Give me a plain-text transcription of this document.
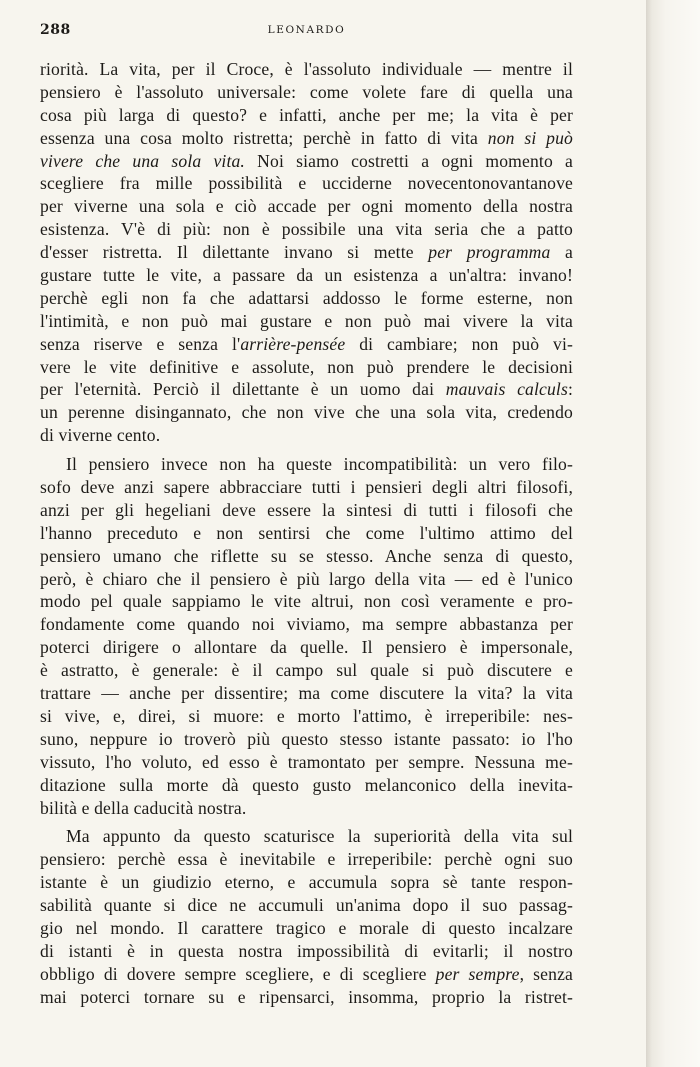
288	LEONARDO
riorità. La vita, per il Croce, è l'assoluto individuale — mentre il
pensiero è l'assoluto universale: come volete fare di quella una
cosa più larga di questo? e infatti, anche per me; la vita è per
essenza una cosa molto ristretta; perchè in fatto di vita non si può
vivere che una sola vita. Noi siamo costretti a ogni momento a
scegliere fra mille possibilità e ucciderne novecentonovantanove
per viverne una sola e ciò accade per ogni momento della nostra
esistenza. V'è di più: non è possibile una vita seria che a patto
d'esser ristretta. Il dilettante invano si mette per programma a
gustare tutte le vite, a passare da un esistenza a un'altra: invano!
perchè egli non fa che adattarsi addosso le forme esterne, non
l'intimità, e non può mai gustare e non può mai vivere la vita
senza riserve e senza l'arrière-pensée di cambiare; non può vi-
vere le vite definitive e assolute, non può prendere le decisioni
per l'eternità. Perciò il dilettante è un uomo dai mauvais calculs:
un perenne disingannato, che non vive che una sola vita, credendo
di viverne cento.
Il pensiero invece non ha queste incompatibilità: un vero filo-
sofo deve anzi sapere abbracciare tutti i pensieri degli altri filosofi,
anzi per gli hegeliani deve essere la sintesi di tutti i filosofi che
l'hanno preceduto e non sentirsi che come l'ultimo attimo del
pensiero umano che riflette su se stesso. Anche senza di questo,
però, è chiaro che il pensiero è più largo della vita — ed è l'unico
modo pel quale sappiamo le vite altrui, non così veramente e pro-
fondamente come quando noi viviamo, ma sempre abbastanza per
poterci dirigere o allontare da quelle. Il pensiero è impersonale,
è astratto, è generale: è il campo sul quale si può discutere e
trattare — anche per dissentire; ma come discutere la vita? la vita
si vive, e, direi, si muore: e morto l'attimo, è irreperibile: nes-
suno, neppure io troverò più questo stesso istante passato: io l'ho
vissuto, l'ho voluto, ed esso è tramontato per sempre. Nessuna me-
ditazione sulla morte dà questo gusto melanconico della inevita-
bilità e della caducità nostra.
Ma appunto da questo scaturisce la superiorità della vita sul
pensiero: perchè essa è inevitabile e irreperibile: perchè ogni suo
istante è un giudizio eterno, e accumula sopra sè tante respon-
sabilità quante si dice ne accumuli un'anima dopo il suo passag-
gio nel mondo. Il carattere tragico e morale di questo incalzare
di istanti è in questa nostra impossibilità di evitarli; il nostro
obbligo di dovere sempre scegliere, e di scegliere per sempre, senza
mai poterci tornare su e ripensarci, insomma, proprio la ristret-
